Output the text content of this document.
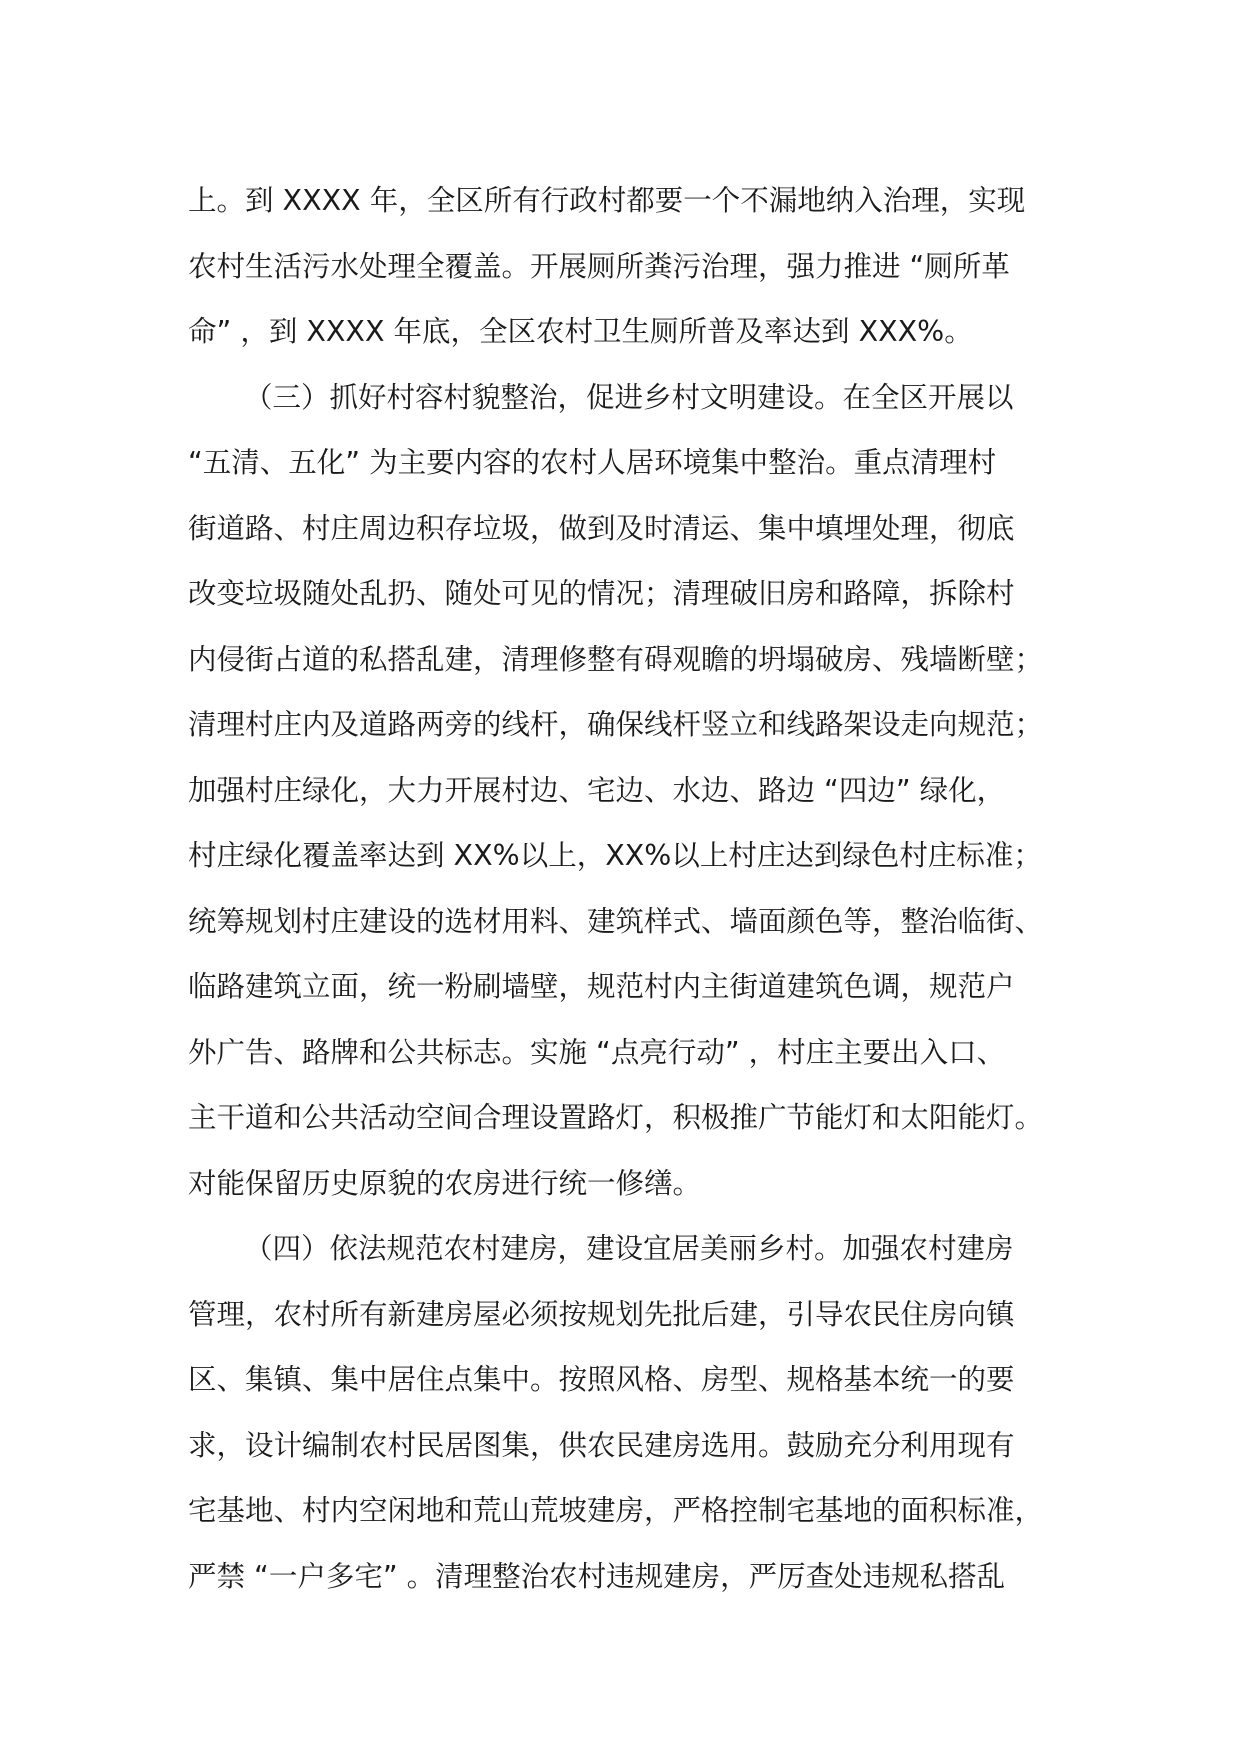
上。到 XXXX 年，全区所有行政村都要一个不漏地纳入治理，实现
农村生活污水处理全覆盖。开展厕所粪污治理，强力推进 “厕所革
命” ，到 XXXX 年底，全区农村卫生厕所普及率达到 XXX%。
（三）抓好村容村貌整治，促进乡村文明建设。在全区开展以
“五清、五化” 为主要内容的农村人居环境集中整治。重点清理村
街道路、村庄周边积存垃圾，做到及时清运、集中填埋处理，彻底
改变垃圾随处乱扔、随处可见的情况；清理破旧房和路障，拆除村
内侵街占道的私搭乱建，清理修整有碍观瞻的坍塌破房、残墙断壁；
清理村庄内及道路两旁的线杆，确保线杆竖立和线路架设走向规范；
加强村庄绿化，大力开展村边、宅边、水边、路边 “四边” 绿化，
村庄绿化覆盖率达到 XX%以上，XX%以上村庄达到绿色村庄标准；
统筹规划村庄建设的选材用料、建筑样式、墙面颜色等，整治临街、
临路建筑立面，统一粉刷墙壁，规范村内主街道建筑色调，规范户
外广告、路牌和公共标志。实施 “点亮行动” ，村庄主要出入口、
主干道和公共活动空间合理设置路灯，积极推广节能灯和太阳能灯。
对能保留历史原貌的农房进行统一修缮。
（四）依法规范农村建房，建设宜居美丽乡村。加强农村建房
管理，农村所有新建房屋必须按规划先批后建，引导农民住房向镇
区、集镇、集中居住点集中。按照风格、房型、规格基本统一的要
求，设计编制农村民居图集，供农民建房选用。鼓励充分利用现有
宅基地、村内空闲地和荒山荒坡建房，严格控制宅基地的面积标准，
严禁 “一户多宅” 。清理整治农村违规建房，严厉查处违规私搭乱
